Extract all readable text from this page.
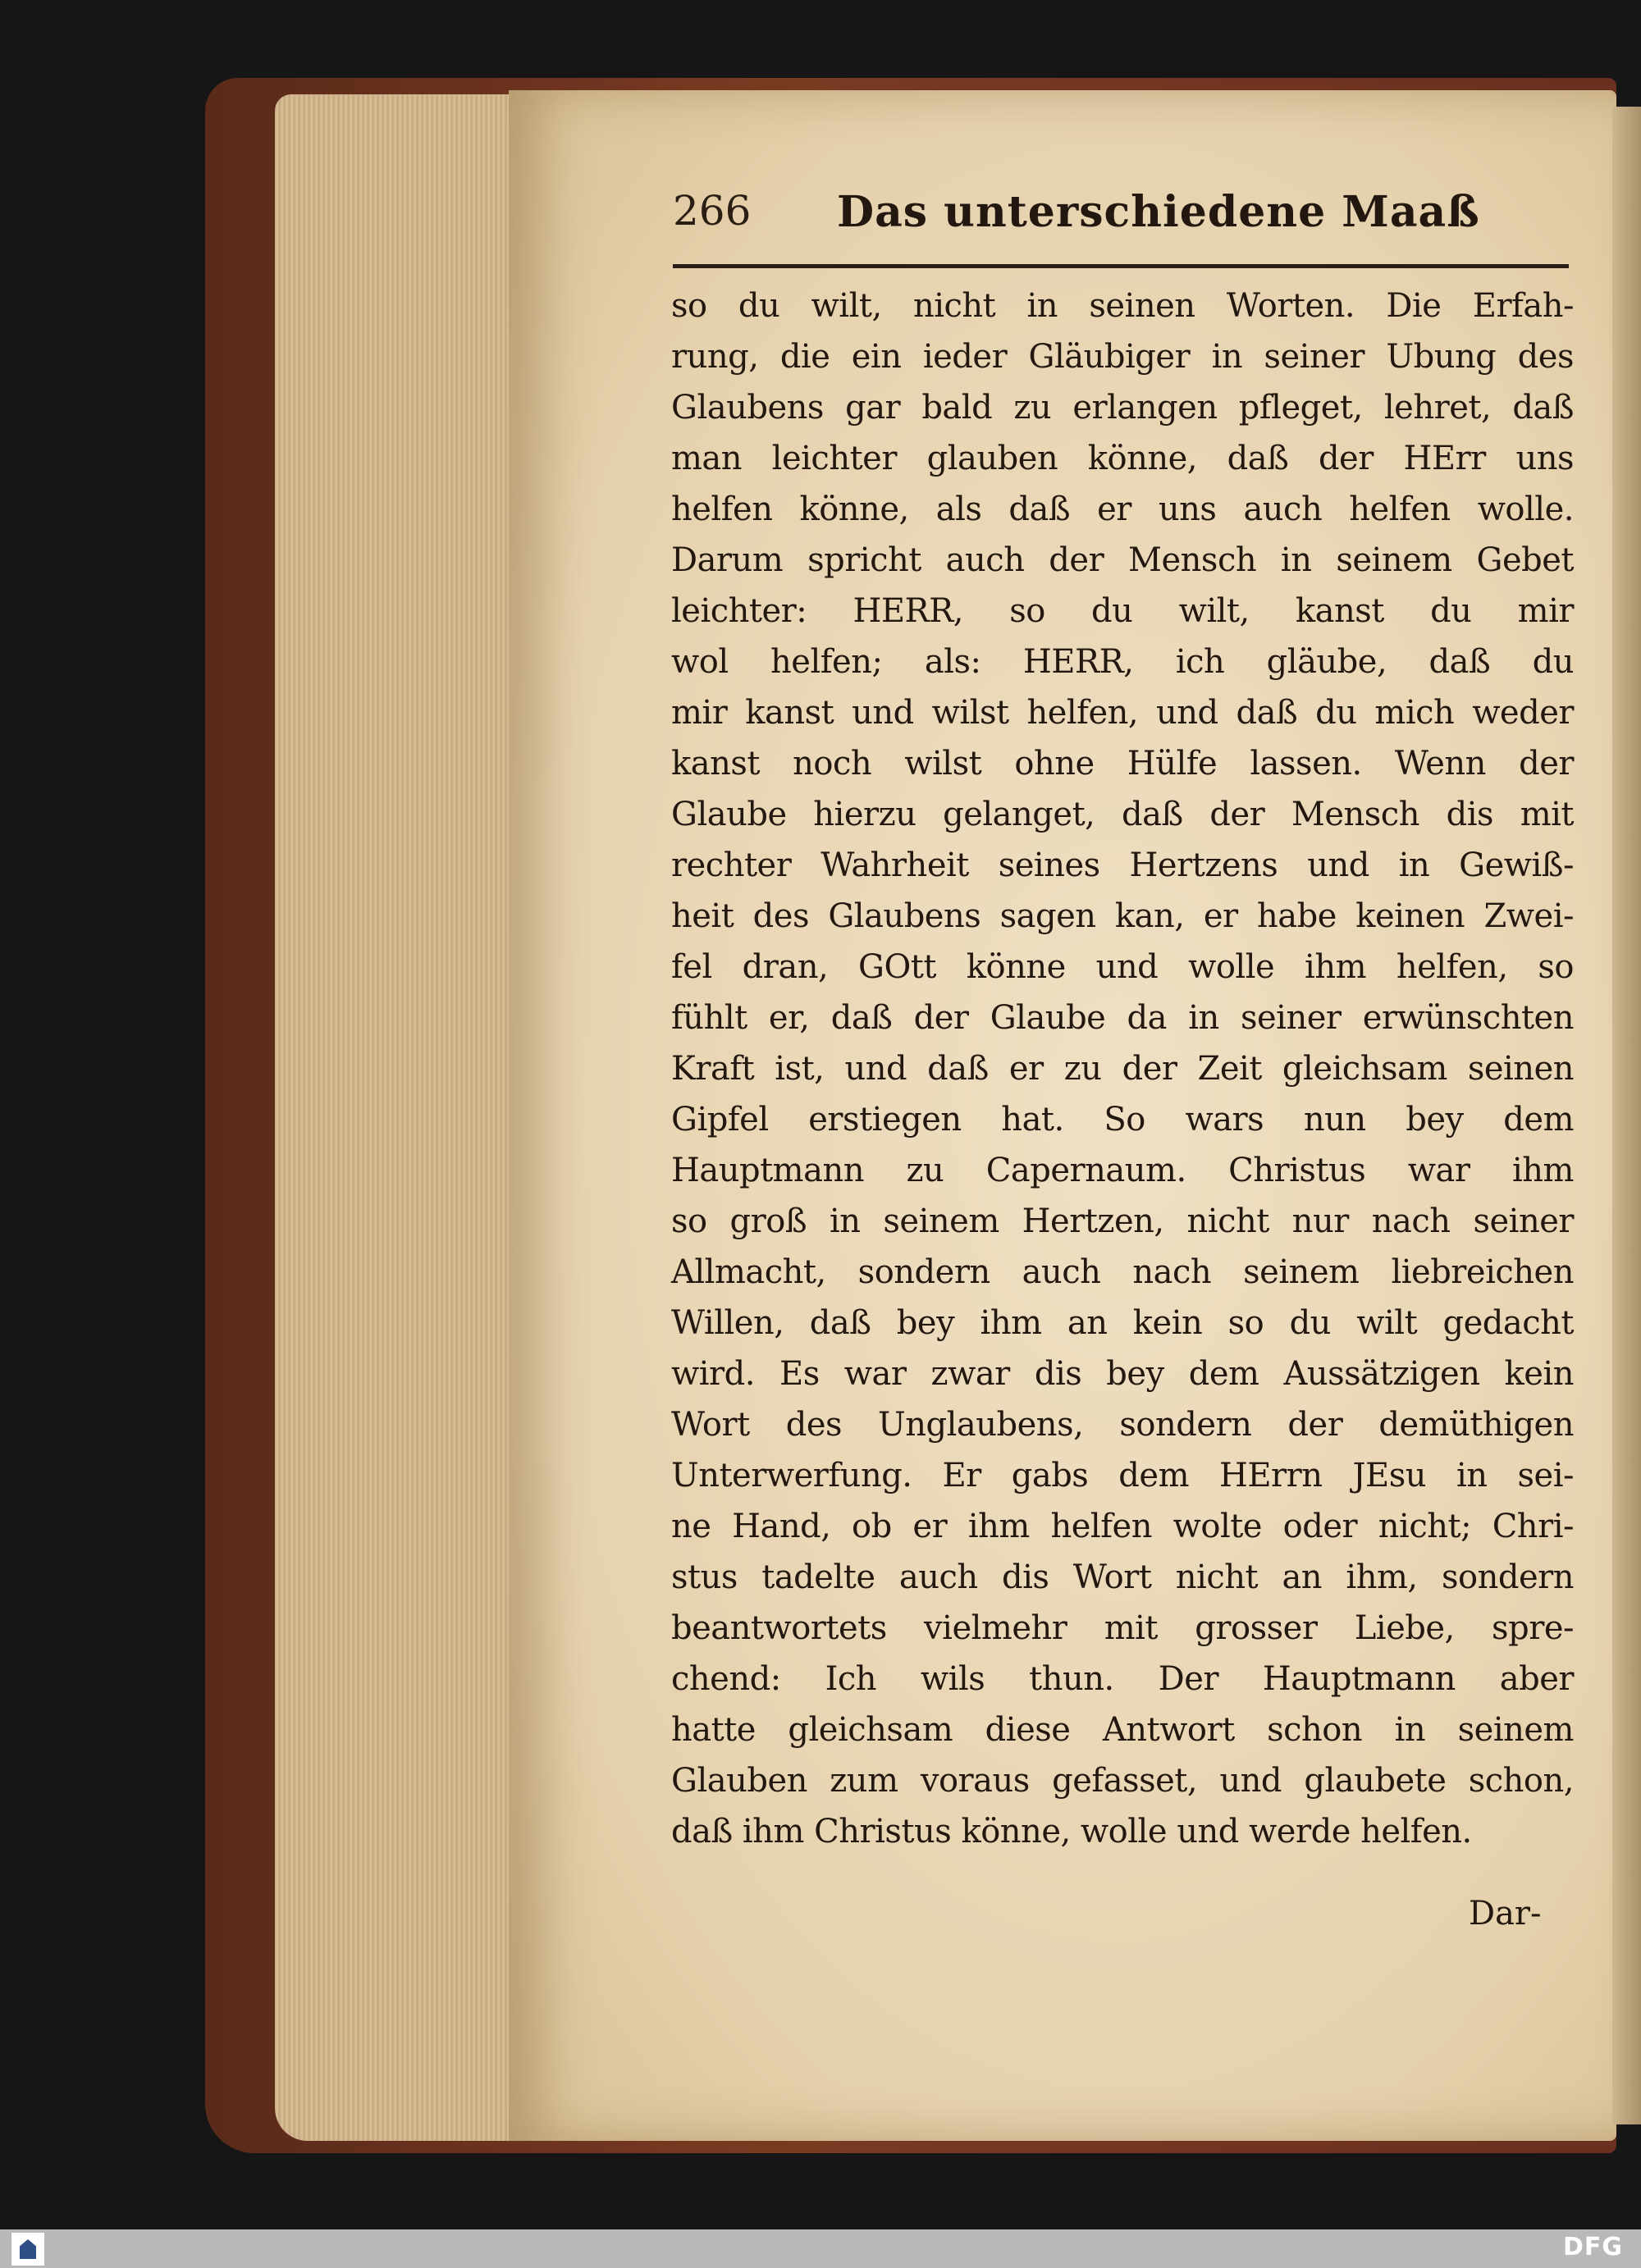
266 Das unterschiedene Maaß
so du wilt, nicht in seinen Worten. Die Erfah-
rung, die ein ieder Gläubiger in seiner Ubung des
Glaubens gar bald zu erlangen pfleget, lehret, daß
man leichter glauben könne, daß der HErr uns
helfen könne, als daß er uns auch helfen wolle.
Darum spricht auch der Mensch in seinem Gebet
leichter: HERR, so du wilt, kanst du mir
wol helfen; als: HERR, ich gläube, daß du
mir kanst und wilst helfen, und daß du mich weder
kanst noch wilst ohne Hülfe lassen. Wenn der
Glaube hierzu gelanget, daß der Mensch dis mit
rechter Wahrheit seines Hertzens und in Gewiß-
heit des Glaubens sagen kan, er habe keinen Zwei-
fel dran, GOtt könne und wolle ihm helfen, so
fühlt er, daß der Glaube da in seiner erwünschten
Kraft ist, und daß er zu der Zeit gleichsam seinen
Gipfel erstiegen hat. So wars nun bey dem
Hauptmann zu Capernaum. Christus war ihm
so groß in seinem Hertzen, nicht nur nach seiner
Allmacht, sondern auch nach seinem liebreichen
Willen, daß bey ihm an kein so du wilt gedacht
wird. Es war zwar dis bey dem Aussätzigen kein
Wort des Unglaubens, sondern der demüthigen
Unterwerfung. Er gabs dem HErrn JEsu in sei-
ne Hand, ob er ihm helfen wolte oder nicht; Chri-
stus tadelte auch dis Wort nicht an ihm, sondern
beantwortets vielmehr mit grosser Liebe, spre-
chend: Ich wils thun. Der Hauptmann aber
hatte gleichsam diese Antwort schon in seinem
Glauben zum voraus gefasset, und glaubete schon,
daß ihm Christus könne, wolle und werde helfen.
Dar-
DFG
